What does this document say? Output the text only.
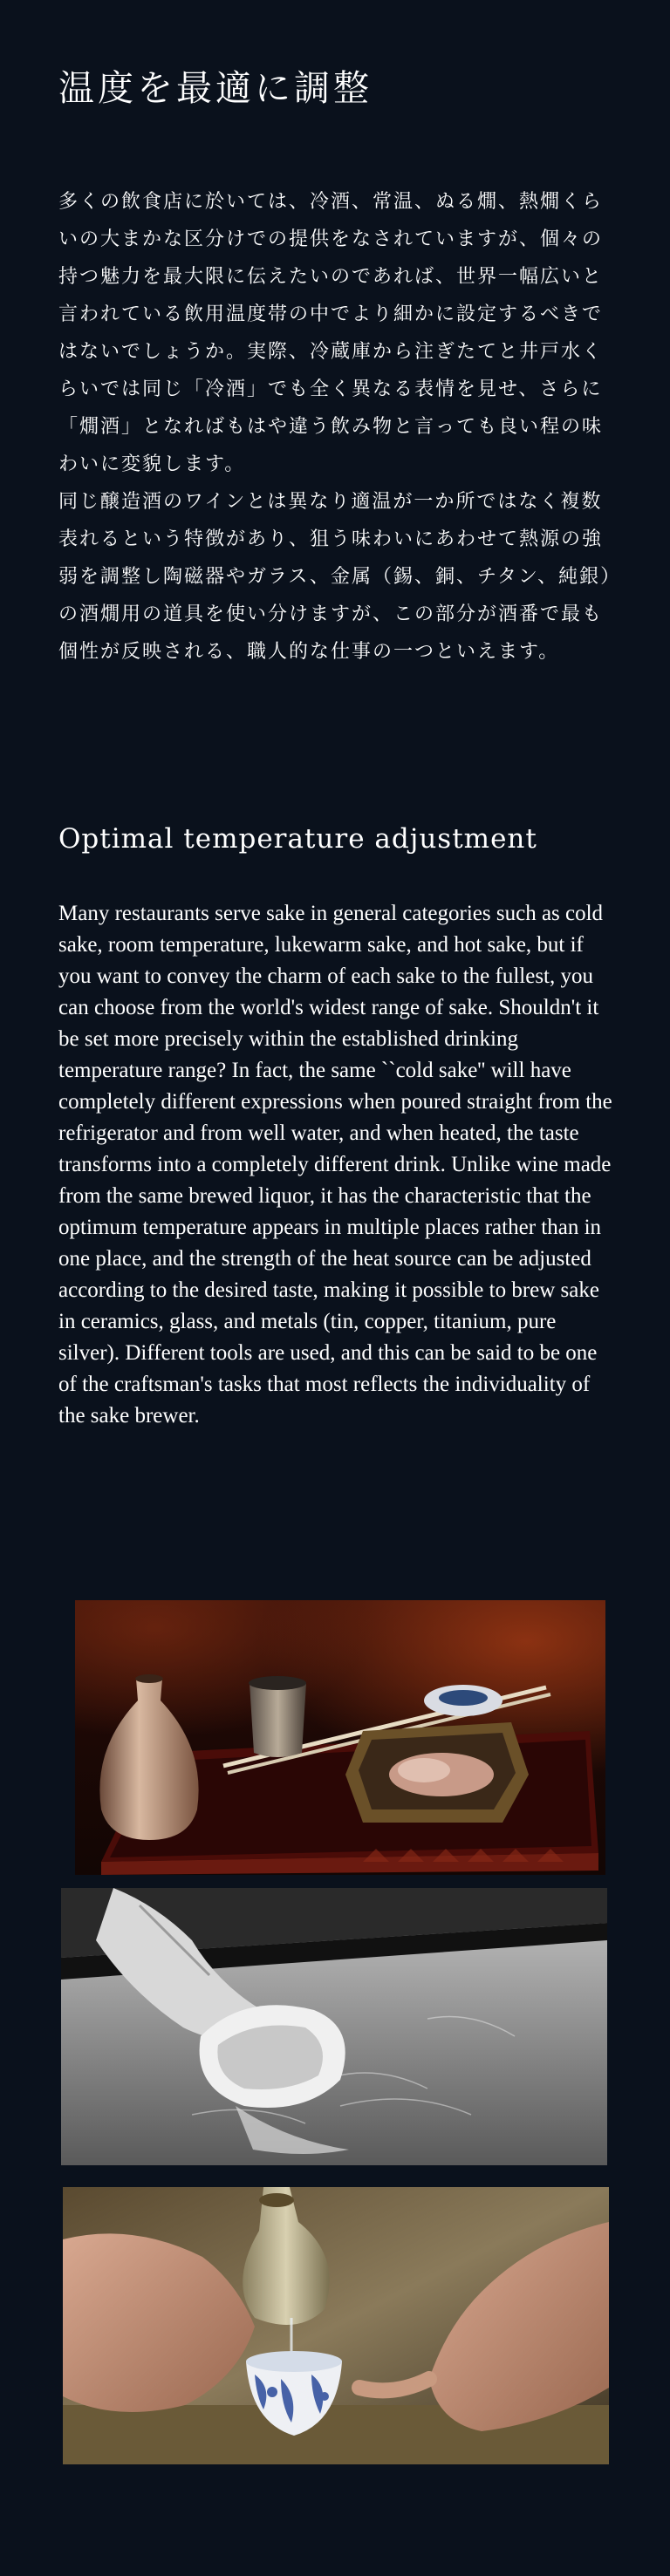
温度を最適に調整

多くの飲食店に於いては、冷酒、常温、ぬる燗、熱燗くらいの大まかな区分けでの提供をなされていますが、個々の持つ魅力を最大限に伝えたいのであれば、世界一幅広いと言われている飲用温度帯の中でより細かに設定するべきではないでしょうか。実際、冷蔵庫から注ぎたてと井戸水くらいでは同じ「冷酒」でも全く異なる表情を見せ、さらに「燗酒」となればもはや違う飲み物と言っても良い程の味わいに変貌します。

同じ醸造酒のワインとは異なり適温が一か所ではなく複数表れるという特徴があり、狙う味わいにあわせて熱源の強弱を調整し陶磁器やガラス、金属（錫、銅、チタン、純銀）の酒燗用の道具を使い分けますが、この部分が酒番で最も個性が反映される、職人的な仕事の一つといえます。

Optimal temperature adjustment
Many restaurants serve sake in general categories such as cold sake, room temperature, lukewarm sake, and hot sake, but if you want to convey the charm of each sake to the fullest, you can choose from the world's widest range of sake. Shouldn't it be set more precisely within the established drinking temperature range? In fact, the same ``cold sake'' will have completely different expressions when poured straight from the refrigerator and from well water, and when heated, the taste transforms into a completely different drink. Unlike wine made from the same brewed liquor, it has the characteristic that the optimum temperature appears in multiple places rather than in one place, and the strength of the heat source can be adjusted according to the desired taste, making it possible to brew sake in ceramics, glass, and metals (tin, copper, titanium, pure silver). Different tools are used, and this can be said to be one of the craftsman's tasks that most reflects the individuality of the sake brewer.
